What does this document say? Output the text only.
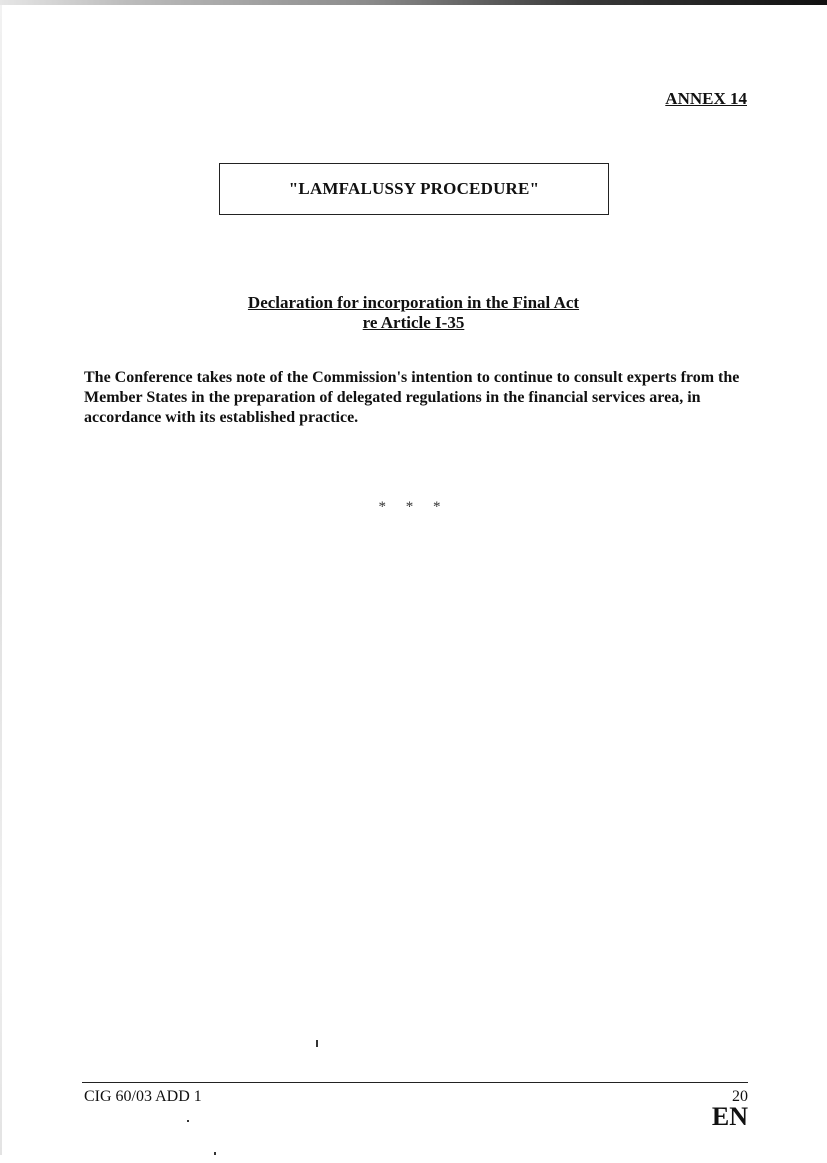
ANNEX 14
"LAMFALUSSY PROCEDURE"
Declaration for incorporation in the Final Act
re Article I-35
The Conference takes note of the Commission's intention to continue to consult experts from the Member States in the preparation of delegated regulations in the financial services area, in accordance with its established practice.
* * *
CIG 60/03 ADD 1	20
EN
